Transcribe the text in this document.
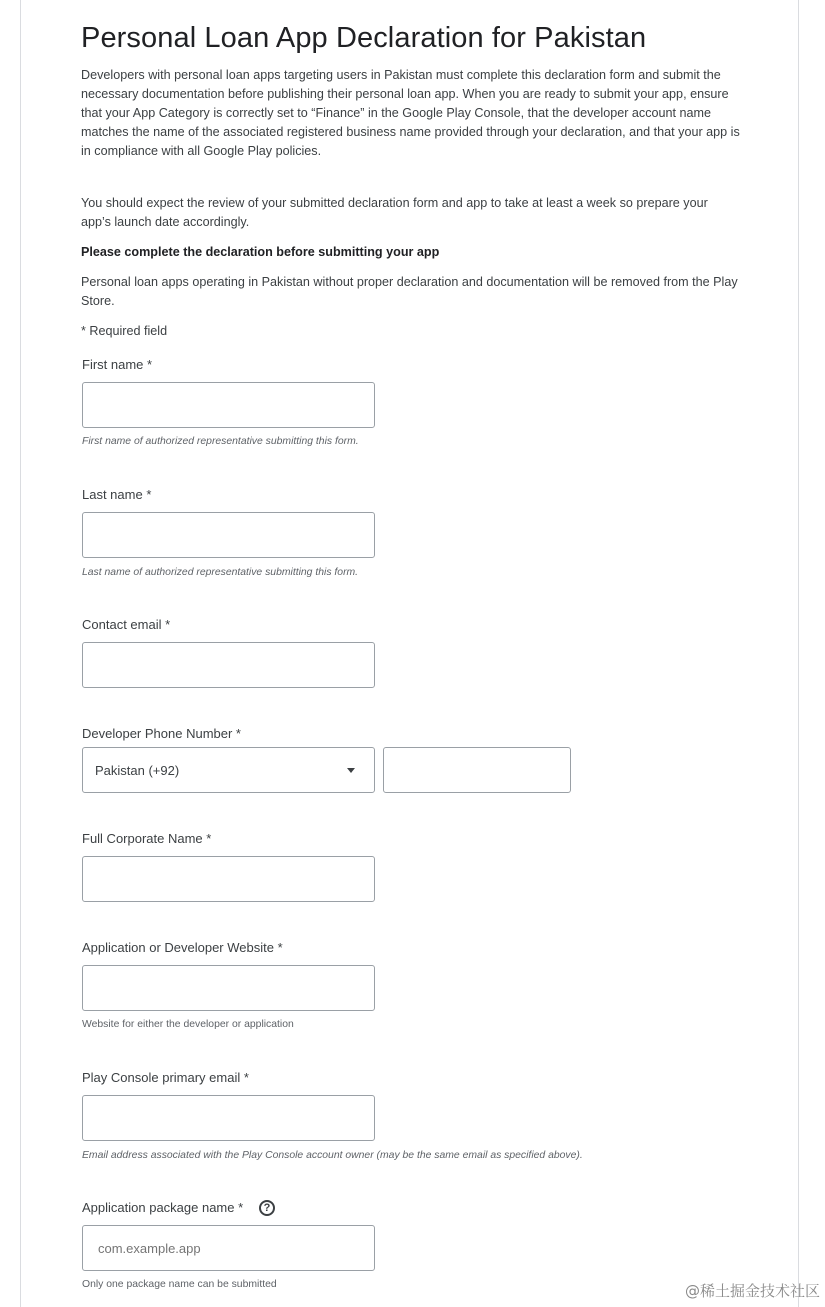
Personal Loan App Declaration for Pakistan

Developers with personal loan apps targeting users in Pakistan must complete this declaration form and submit the necessary documentation before publishing their personal loan app. When you are ready to submit your app, ensure that your App Category is correctly set to “Finance” in the Google Play Console, that the developer account name matches the name of the associated registered business name provided through your declaration, and that your app is in compliance with all Google Play policies.

You should expect the review of your submitted declaration form and app to take at least a week so prepare your app’s launch date accordingly.

Please complete the declaration before submitting your app

Personal loan apps operating in Pakistan without proper declaration and documentation will be removed from the Play Store.

* Required field

First name *

First name of authorized representative submitting this form.

Last name *

Last name of authorized representative submitting this form.

Contact email *

Developer Phone Number *

Pakistan (+92)

Full Corporate Name *

Application or Developer Website *

Website for either the developer or application

Play Console primary email *

Email address associated with the Play Console account owner (may be the same email as specified above).

Application package name *	?
com.example.app

Only one package name can be submitted	@稀土掘金技术社区
